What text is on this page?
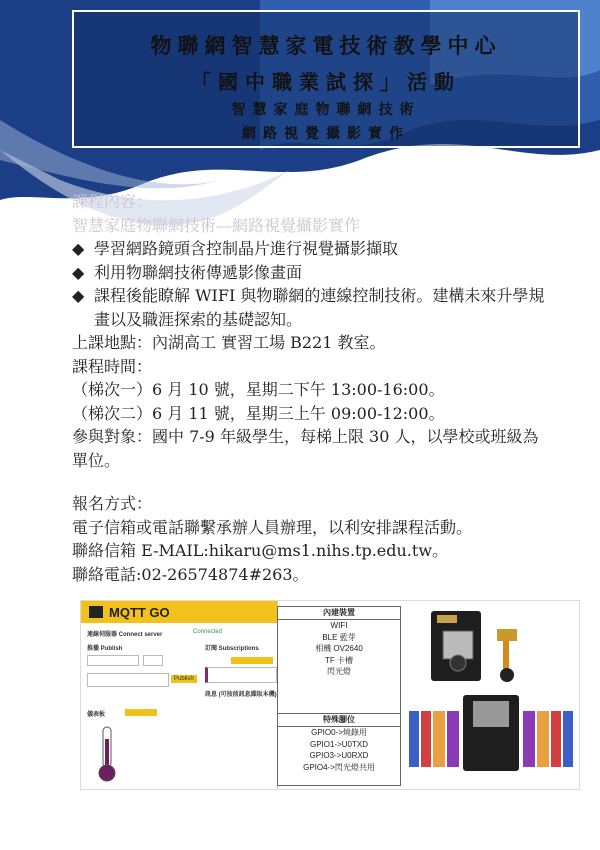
物聯網智慧家電技術教學中心
「國中職業試探」活動
智慧家庭物聯網技術
網路視覺攝影實作
課程內容：
智慧家庭物聯網技術—網路視覺攝影實作
◆ 學習網路鏡頭含控制晶片進行視覺攝影擷取
◆ 利用物聯網技術傳遞影像畫面
◆ 課程後能瞭解 WIFI 與物聯網的連線控制技術。建構未來升學規畫以及職涯探索的基礎認知。
上課地點：內湖高工 實習工場 B221 教室。
課程時間：
（梯次一）6 月 10 號，星期二下午 13:00-16:00。
（梯次二）6 月 11 號，星期三上午 09:00-12:00。
參與對象：國中 7-9 年級學生，每梯上限 30 人，以學校或班級為單位。
報名方式：
電子信箱或電話聯繫承辦人員辦理，以利安排課程活動。
聯絡信箱 E-MAIL:hikaru@ms1.nihs.tp.edu.tw。
聯絡電話:02-26574874#263。
MQTT GO
連線伺服器 Connect server	Connected
推播 Publish	訂閱 Subscriptions
Publish
訊息 (可按前訊息擷取本機)
儀表板
內建裝置
WIFI
BLE 藍芽
相機 OV2640
TF 卡槽
閃光燈
特殊腳位
GPIO0->燒錄用
GPIO1->U0TXD
GPIO3->U0RXD
GPIO4->閃光燈共用
